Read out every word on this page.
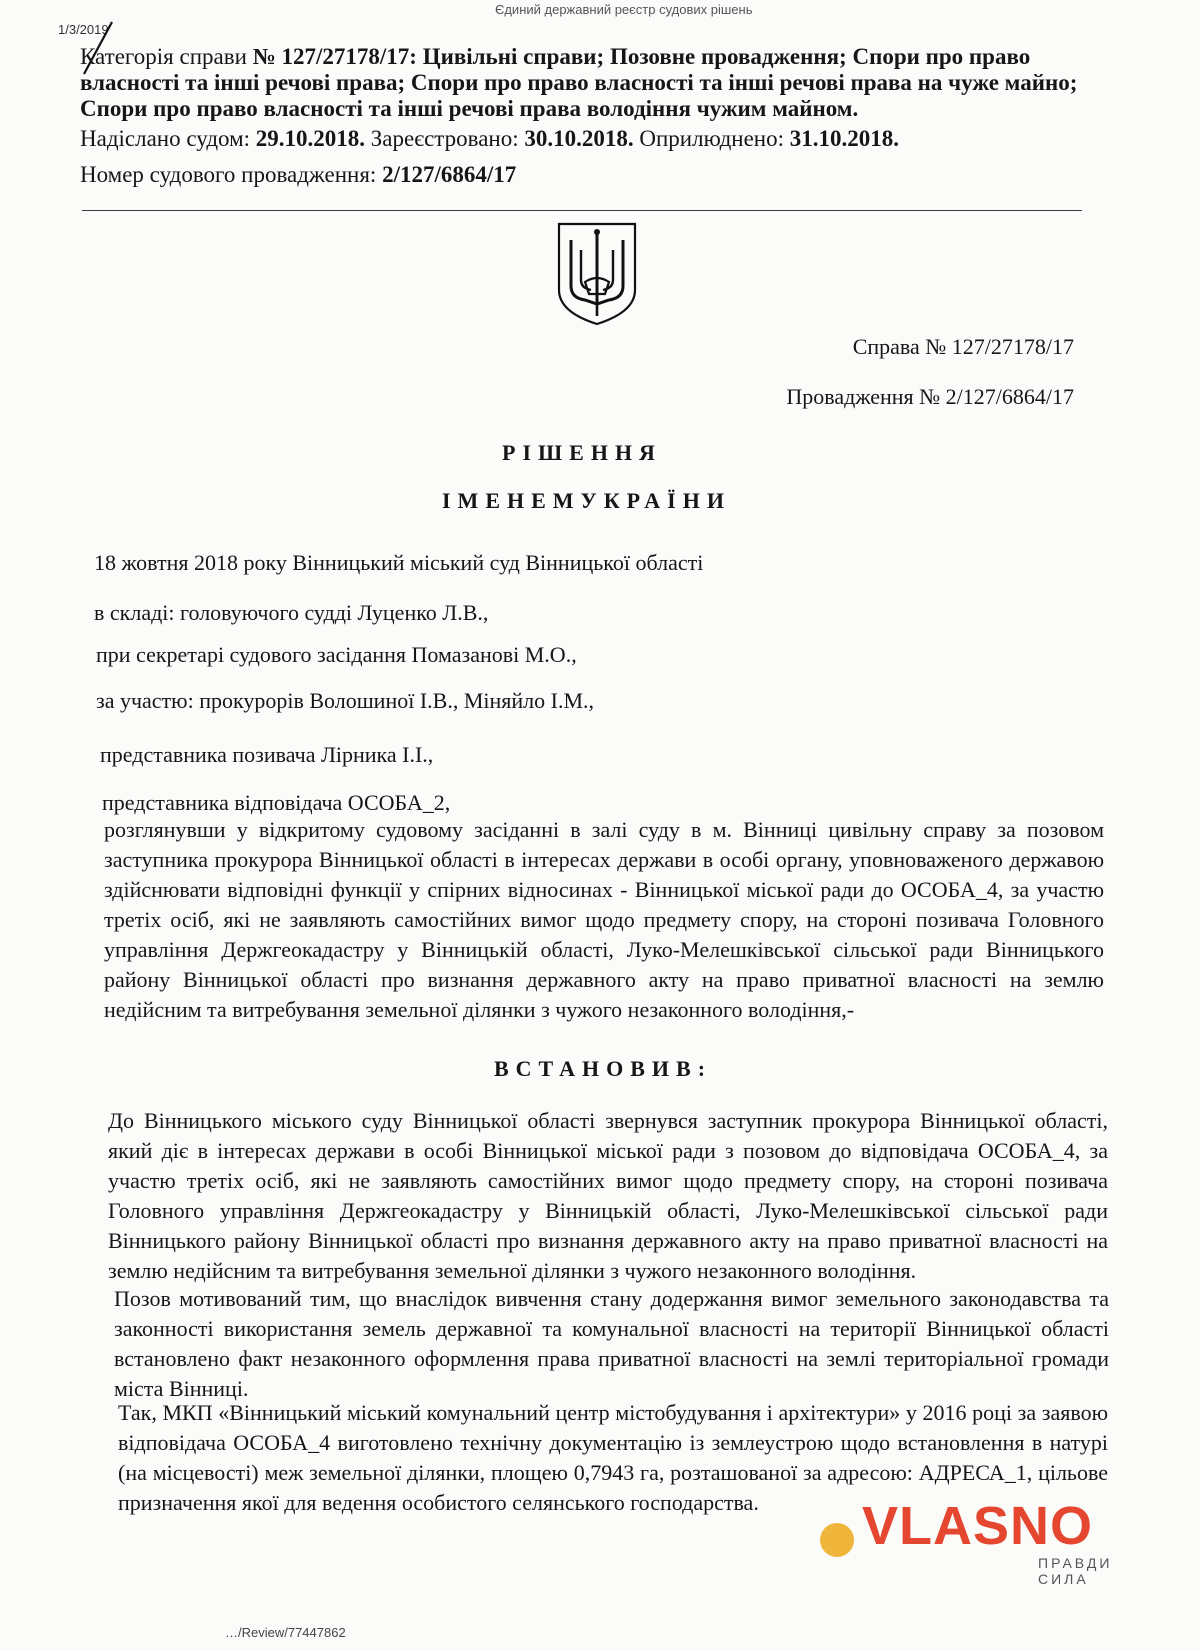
1/3/2019
Єдиний державний реєстр судових рішень
Категорія справи № 127/27178/17: Цивільні справи; Позовне провадження; Спори про право
власності та інші речові права; Спори про право власності та інші речові права на чуже майно;
Спори про право власності та інші речові права володіння чужим майном.
Надіслано судом: 29.10.2018. Зареєстровано: 30.10.2018. Оприлюднено: 31.10.2018.
Номер судового провадження: 2/127/6864/17
Справа № 127/27178/17
Провадження № 2/127/6864/17
РІШЕННЯ
ІМЕНЕМУКРАЇНИ
18 жовтня 2018 року Вінницький міський суд Вінницької області
в складі: головуючого судді Луценко Л.В.,
при секретарі судового засідання Помазанові М.О.,
за участю: прокурорів Волошиної І.В., Міняйло І.М.,
представника позивача Лірника І.І.,
представника відповідача ОСОБА_2,
розглянувши у відкритому судовому засіданні в залі суду в м. Вінниці цивільну справу за позовом заступника прокурора Вінницької області в інтересах держави в особі органу, уповноваженого державою здійснювати відповідні функції у спірних відносинах - Вінницької міської ради до ОСОБА_4, за участю третіх осіб, які не заявляють самостійних вимог щодо предмету спору, на стороні позивача Головного управління Держгеокадастру у Вінницькій області, Луко-Мелешківської сільської ради Вінницького району Вінницької області про визнання державного акту на право приватної власності на землю недійсним та витребування земельної ділянки з чужого незаконного володіння,-
ВСТАНОВИВ:
До Вінницького міського суду Вінницької області звернувся заступник прокурора Вінницької області, який діє в інтересах держави в особі Вінницької міської ради з позовом до відповідача ОСОБА_4, за участю третіх осіб, які не заявляють самостійних вимог щодо предмету спору, на стороні позивача Головного управління Держгеокадастру у Вінницькій області, Луко-Мелешківської сільської ради Вінницького району Вінницької області про визнання державного акту на право приватної власності на землю недійсним та витребування земельної ділянки з чужого незаконного володіння.
Позов мотивований тим, що внаслідок вивчення стану додержання вимог земельного законодавства та законності використання земель державної та комунальної власності на території Вінницької області встановлено факт незаконного оформлення права приватної власності на землі територіальної громади міста Вінниці.
Так, МКП «Вінницький міський комунальний центр містобудування і архітектури» у 2016 році за заявою відповідача ОСОБА_4 виготовлено технічну документацію із землеустрою щодо встановлення в натурі (на місцевості) меж земельної ділянки, площею 0,7943 га, розташованої за адресою: АДРЕСА_1, цільове призначення якої для ведення особистого селянського господарства.	VLASNO
ПРАВДИ СИЛА
…/Review/77447862
